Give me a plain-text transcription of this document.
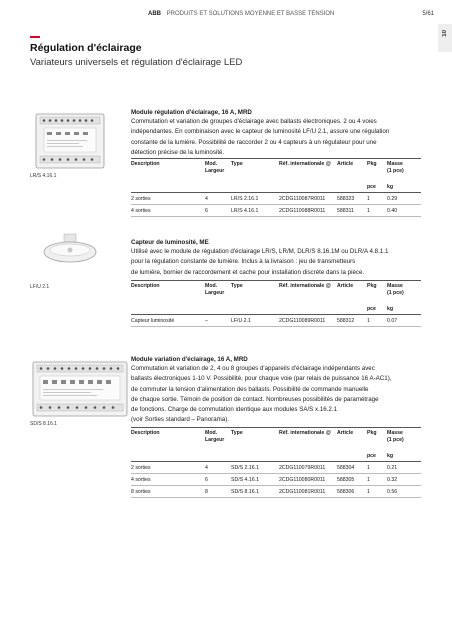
ABB PRODUITS ET SOLUTIONS MOYENNE ET BASSE TENSION	5/61
10
Régulation d'éclairage
Variateurs universels et régulation d'éclairage LED
LR/S 4.16.1

Module régulation d'éclairage, 16 A, MRD

Commutation et variation de groupes d'éclairage avec ballasts électroniques. 2 ou 4 voies
indépendantes. En combinaison avec le capteur de luminosité LF/U 2.1, assure une régulation
constante de la lumière. Possibilité de raccorder 2 ou 4 capteurs à un régulateur pour une
détection précise de la luminosité.

Description	Mod.
Largeur	Type	Réf. internationale @	Article	Pkg	Masse
(1 pce)
					pce	kg
2 sorties	4	LR/S 2.16.1	2CDG110087R0011	588323	1	0.29
4 sorties	6	LR/S 4.16.1	2CDG110088R0011	588311	1	0.40
LF/U 2.1

Capteur de luminosité, ME

Utilisé avec le module de régulation d'éclairage LR/S, LR/M, DLR/S 8.16.1M ou DLR/A 4.8.1.1
pour la régulation constante de lumière. Inclus à la livraison : jeu de transmetteurs
de lumière, bornier de raccordement et cache pour installation discrète dans la pièce.

Description	Mod.
Largeur	Type	Réf. internationale @	Article	Pkg	Masse
(1 pce)
					pce	kg
Capteur luminosité	–	LF/U 2.1	2CDG110089R0011	588312	1	0.07
SD/S 8.16.1

Module variation d'éclairage, 16 A, MRD

Commutation et variation de 2, 4 ou 8 groupes d'appareils d'éclairage indépendants avec
ballasts électroniques 1-10 V. Possibilité, pour chaque voie (par relais de puissance 16 A-AC1),
de commuter la tension d'alimentation des ballasts. Possibilité de commande manuelle
de chaque sortie. Témoin de position de contact. Nombreuses possibilités de paramétrage
de fonctions. Charge de commutation identique aux modules SA/S x.16.2.1
(voir Sorties standard – Panorama).

Description	Mod.
Largeur	Type	Réf. internationale @	Article	Pkg	Masse
(1 pce)
					pce	kg
2 sorties	4	SD/S 2.16.1	2CDG110079R0011	588304	1	0.21
4 sorties	6	SD/S 4.16.1	2CDG110080R0011	588305	1	0.32
8 sorties	8	SD/S 8.16.1	2CDG110081R0011	588306	1	0.56
